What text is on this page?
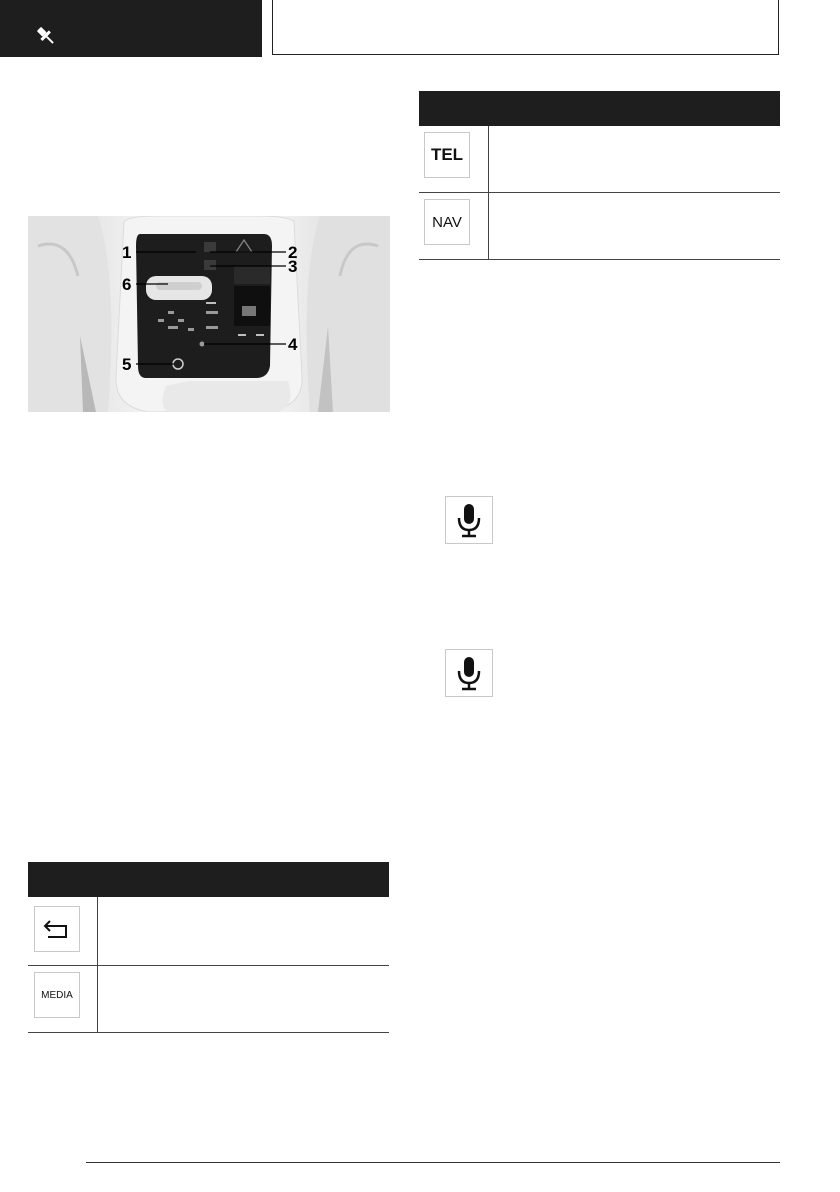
1	2
3
4
5
6
TEL
NAV
MEDIA
